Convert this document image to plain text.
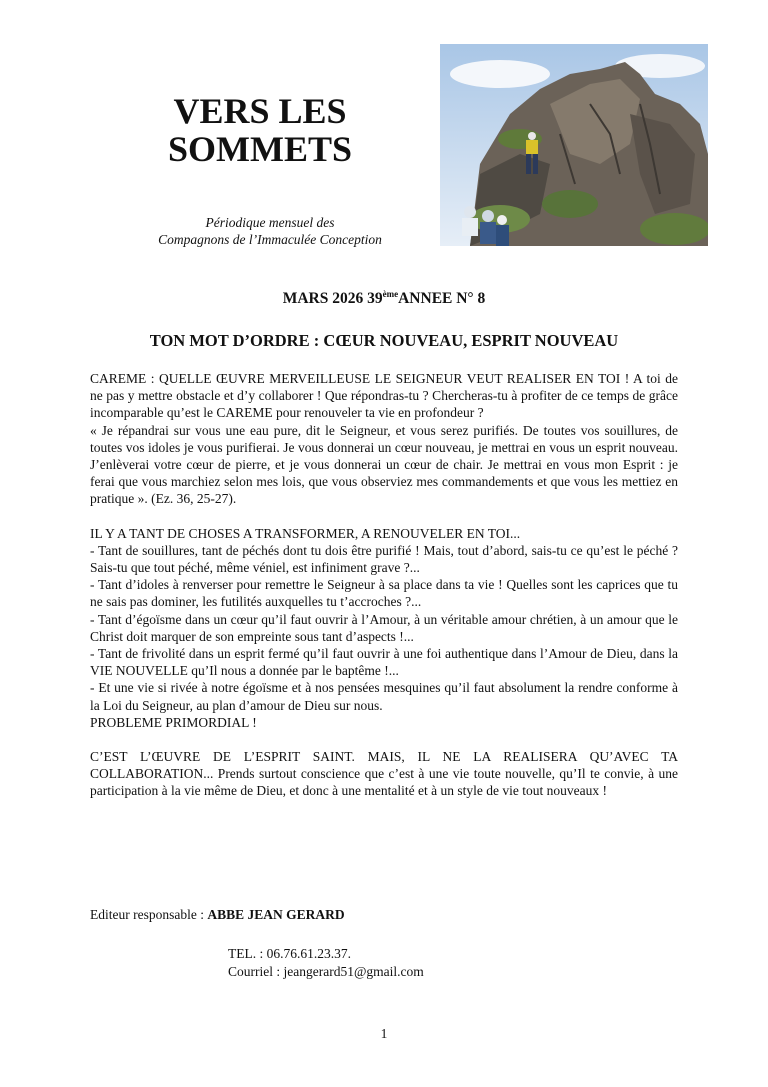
VERS LES
SOMMETS
Périodique mensuel des
Compagnons de l’Immaculée Conception
MARS 2026 39èmeANNEE N° 8
TON MOT D’ORDRE : CŒUR NOUVEAU, ESPRIT NOUVEAU

CAREME : QUELLE ŒUVRE MERVEILLEUSE LE SEIGNEUR VEUT REALISER EN TOI ! A toi de ne pas y mettre obstacle et d’y collaborer ! Que répondras-tu ? Chercheras-tu à profiter de ce temps de grâce incomparable qu’est le CAREME pour renouveler ta vie en profondeur ?

« Je répandrai sur vous une eau pure, dit le Seigneur, et vous serez purifiés. De toutes vos souillures, de toutes vos idoles je vous purifierai. Je vous donnerai un cœur nouveau, je mettrai en vous un esprit nouveau. J’enlèverai votre cœur de pierre, et je vous donnerai un cœur de chair. Je mettrai en vous mon Esprit : je ferai que vous marchiez selon mes lois, que vous observiez mes commandements et que vous les mettiez en pratique ». (Ez. 36, 25-27).

IL Y A TANT DE CHOSES A TRANSFORMER, A RENOUVELER EN TOI...

- Tant de souillures, tant de péchés dont tu dois être purifié ! Mais, tout d’abord, sais-tu ce qu’est le péché ? Sais-tu que tout péché, même véniel, est infiniment grave ?...

- Tant d’idoles à renverser pour remettre le Seigneur à sa place dans ta vie ! Quelles sont les caprices que tu ne sais pas dominer, les futilités auxquelles tu t’accroches ?...

- Tant d’égoïsme dans un cœur qu’il faut ouvrir à l’Amour, à un véritable amour chrétien, à un amour que le Christ doit marquer de son empreinte sous tant d’aspects !...

- Tant de frivolité dans un esprit fermé qu’il faut ouvrir à une foi authentique dans l’Amour de Dieu, dans la VIE NOUVELLE qu’Il nous a donnée par le baptême !...

- Et une vie si rivée à notre égoïsme et à nos pensées mesquines qu’il faut absolument la rendre conforme à la Loi du Seigneur, au plan d’amour de Dieu sur nous.

PROBLEME PRIMORDIAL !

C’EST L’ŒUVRE DE L’ESPRIT SAINT. MAIS, IL NE LA REALISERA QU’AVEC TA COLLABORATION... Prends surtout conscience que c’est à une vie toute nouvelle, qu’Il te convie, à une participation à la vie même de Dieu, et donc à une mentalité et à un style de vie tout nouveaux !

Editeur responsable : ABBE JEAN GERARD
TEL. : 06.76.61.23.37.
Courriel : jeangerard51@gmail.com
1
